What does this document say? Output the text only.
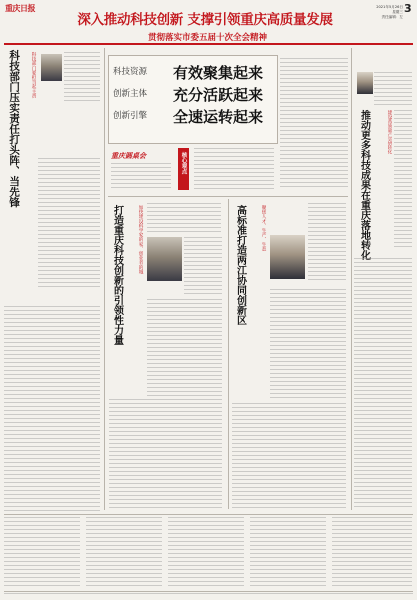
重庆日报	2021年5月26日
星期三
责任编辑：左
3
深入推动科技创新 支撑引领重庆高质量发展
贯彻落实市委五届十次全会精神
科技部门压实责任打头阵、当先锋 科技部门要担当起主责	科技资源 有效聚集起来
创新主体 充分活跃起来
创新引擎 全速运转起来
重庆圆桌会	核心观点	推动更多科技成果在重庆落地转化	建设高质量产学研转化
打造重庆科技创新的引领性力量	加快建设科学家的家、创业者的城	高标准打造两江协同创新区	聚焦人才、生产、生态
